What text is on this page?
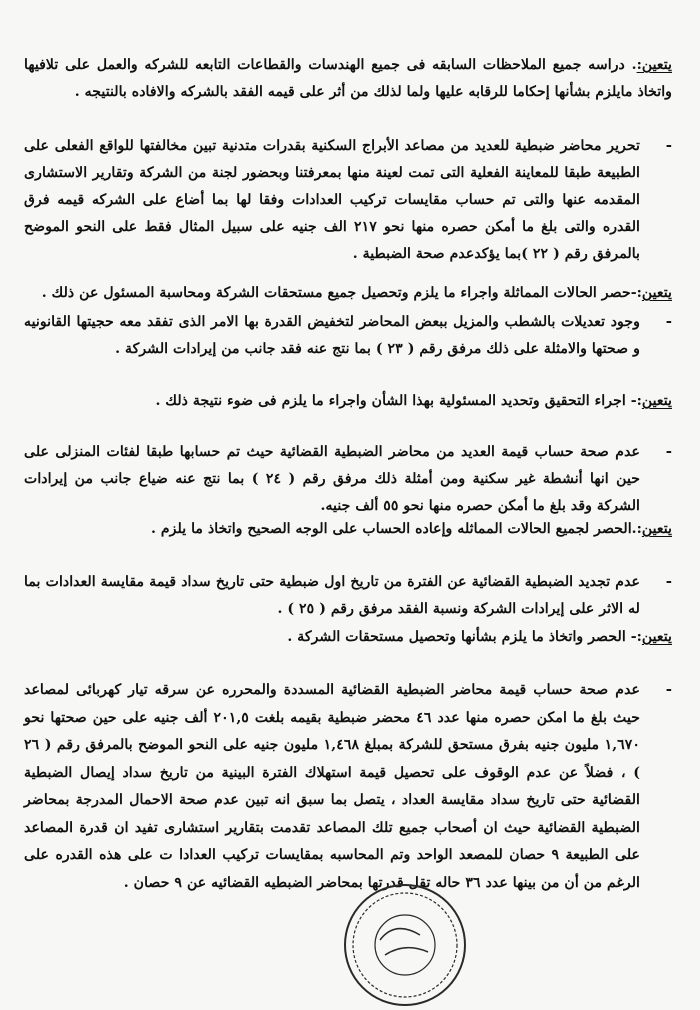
يتعين:. دراسه جميع الملاحظات السابقه فى جميع الهندسات والقطاعات التابعه للشركه والعمل على تلافيها واتخاذ مايلزم بشأنها إحكاما للرقابه عليها ولما لذلك من أثر على قيمه الفقد بالشركه والافاده بالنتيجه .
-
تحرير محاضر ضبطية للعديد من مصاعد الأبراج السكنية بقدرات متدنية تبين مخالفتها للواقع الفعلى على الطبيعة طبقا للمعاينة الفعلية التى تمت لعينة منها بمعرفتنا وبحضور لجنة من الشركة وتقارير الاستشارى المقدمه عنها والتى تم حساب مقايسات تركيب العدادات وفقا لها بما أضاع على الشركه قيمه فرق القدره والتى بلغ ما أمكن حصره منها نحو ٢١٧ الف جنيه على سبيل المثال فقط على النحو الموضح بالمرفق رقم ( ٢٢ )بما يؤكدعدم صحة الضبطية .
يتعين:-حصر الحالات المماثلة واجراء ما يلزم وتحصيل جميع مستحقات الشركة ومحاسبة المسئول عن ذلك .
-
وجود تعديلات بالشطب والمزيل ببعض المحاضر لتخفيض القدرة بها الامر الذى تفقد معه حجيتها القانونيه و صحتها والامثلة على ذلك مرفق رقم ( ٢٣ ) بما نتج عنه فقد جانب من إيرادات الشركة .
يتعين:- اجراء التحقيق وتحديد المسئولية بهذا الشأن واجراء ما يلزم فى ضوء نتيجة ذلك .
-
عدم صحة حساب قيمة العديد من محاضر الضبطية القضائية حيث تم حسابها طبقا لفئات المنزلى على حين انها أنشطة غير سكنية ومن أمثلة ذلك مرفق رقم ( ٢٤ ) بما نتج عنه ضياع جانب من إيرادات الشركة وقد بلغ ما أمكن حصره منها نحو ٥٥ ألف جنيه.
يتعين:.الحصر لجميع الحالات المماثله وإعاده الحساب على الوجه الصحيح واتخاذ ما يلزم .
-
عدم تجديد الضبطية القضائية عن الفترة من تاريخ اول ضبطية حتى تاريخ سداد قيمة مقايسة العدادات بما له الاثر على إيرادات الشركة ونسبة الفقد مرفق رقم ( ٢٥ ) .
يتعين:- الحصر واتخاذ ما يلزم بشأنها وتحصيل مستحقات الشركة .
-
عدم صحة حساب قيمة محاضر الضبطية القضائية المسددة والمحرره عن سرقه تيار كهربائى لمصاعد حيث بلغ ما امكن حصره منها عدد ٤٦ محضر ضبطية بقيمه بلغت ٢٠١,٥ ألف جنيه على حين صحتها نحو ١,٦٧٠ مليون جنيه بفرق مستحق للشركة بمبلغ ١,٤٦٨ مليون جنيه على النحو الموضح بالمرفق رقم ( ٢٦ ) ، فضلاً عن عدم الوقوف على تحصيل قيمة استهلاك الفترة البينية من تاريخ سداد إيصال الضبطية القضائية حتى تاريخ سداد مقايسة العداد ، يتصل بما سبق انه تبين عدم صحة الاحمال المدرجة بمحاضر الضبطية القضائية حيث ان أصحاب جميع تلك المصاعد تقدمت بتقارير استشارى تفيد ان قدرة المصاعد على الطبيعة ٩ حصان للمصعد الواحد وتم المحاسبه بمقايسات تركيب العدادا ت على هذه القدره على الرغم من أن من بينها عدد ٣٦ حاله تقل قدرتها بمحاضر الضبطيه القضائيه عن ٩ حصان .
